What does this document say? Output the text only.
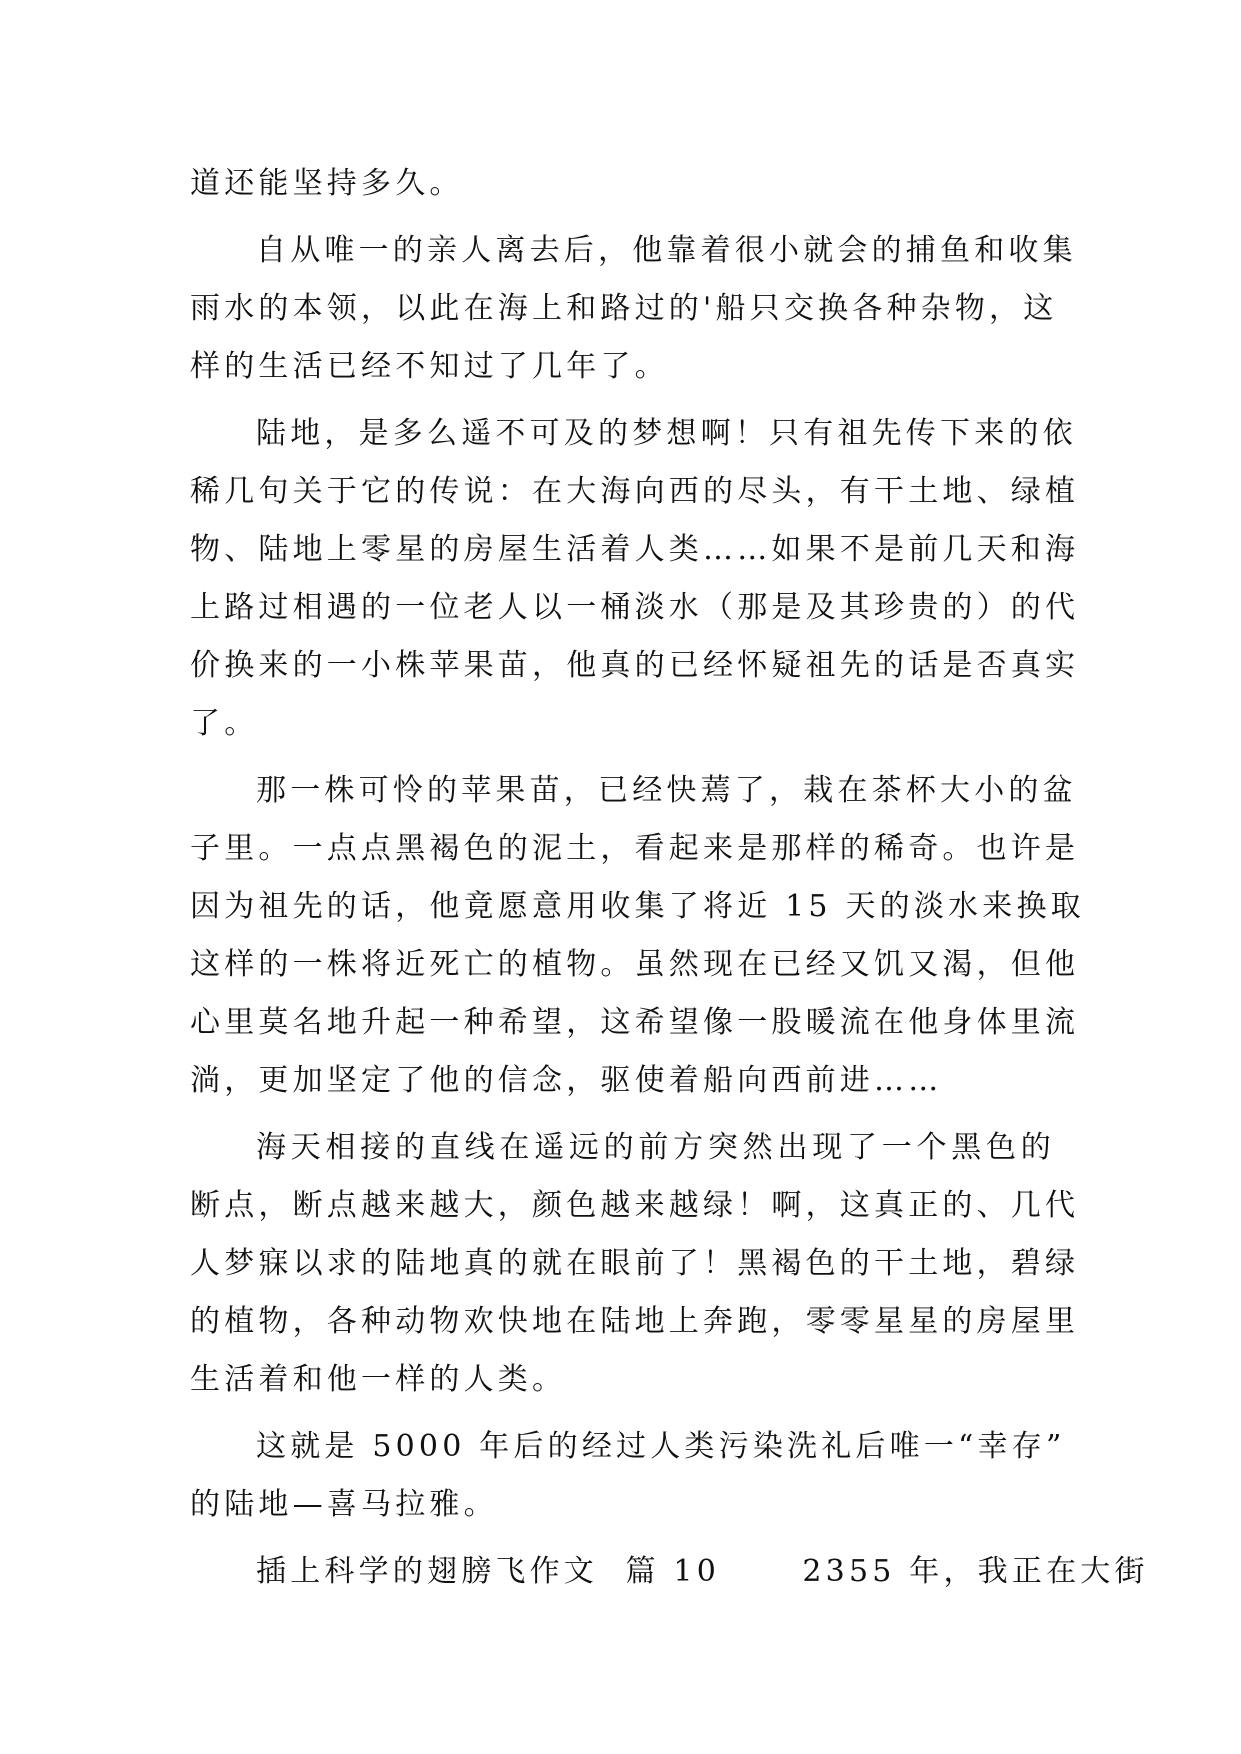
道还能坚持多久。
自从唯一的亲人离去后，他靠着很小就会的捕鱼和收集
雨水的本领，以此在海上和路过的'船只交换各种杂物，这
样的生活已经不知过了几年了。
陆地，是多么遥不可及的梦想啊！只有祖先传下来的依
稀几句关于它的传说：在大海向西的尽头，有干土地、绿植
物、陆地上零星的房屋生活着人类……如果不是前几天和海
上路过相遇的一位老人以一桶淡水（那是及其珍贵的）的代
价换来的一小株苹果苗，他真的已经怀疑祖先的话是否真实
了。
那一株可怜的苹果苗，已经快蔫了，栽在茶杯大小的盆
子里。一点点黑褐色的泥土，看起来是那样的稀奇。也许是
因为祖先的话，他竟愿意用收集了将近 15 天的淡水来换取
这样的一株将近死亡的植物。虽然现在已经又饥又渴，但他
心里莫名地升起一种希望，这希望像一股暖流在他身体里流
淌，更加坚定了他的信念，驱使着船向西前进……
海天相接的直线在遥远的前方突然出现了一个黑色的
断点，断点越来越大，颜色越来越绿！啊，这真正的、几代
人梦寐以求的陆地真的就在眼前了！黑褐色的干土地，碧绿
的植物，各种动物欢快地在陆地上奔跑，零零星星的房屋里
生活着和他一样的人类。
这就是 5000 年后的经过人类污染洗礼后唯一“幸存”
的陆地—喜马拉雅。
插上科学的翅膀飞作文  篇 10      2355 年，我正在大街
